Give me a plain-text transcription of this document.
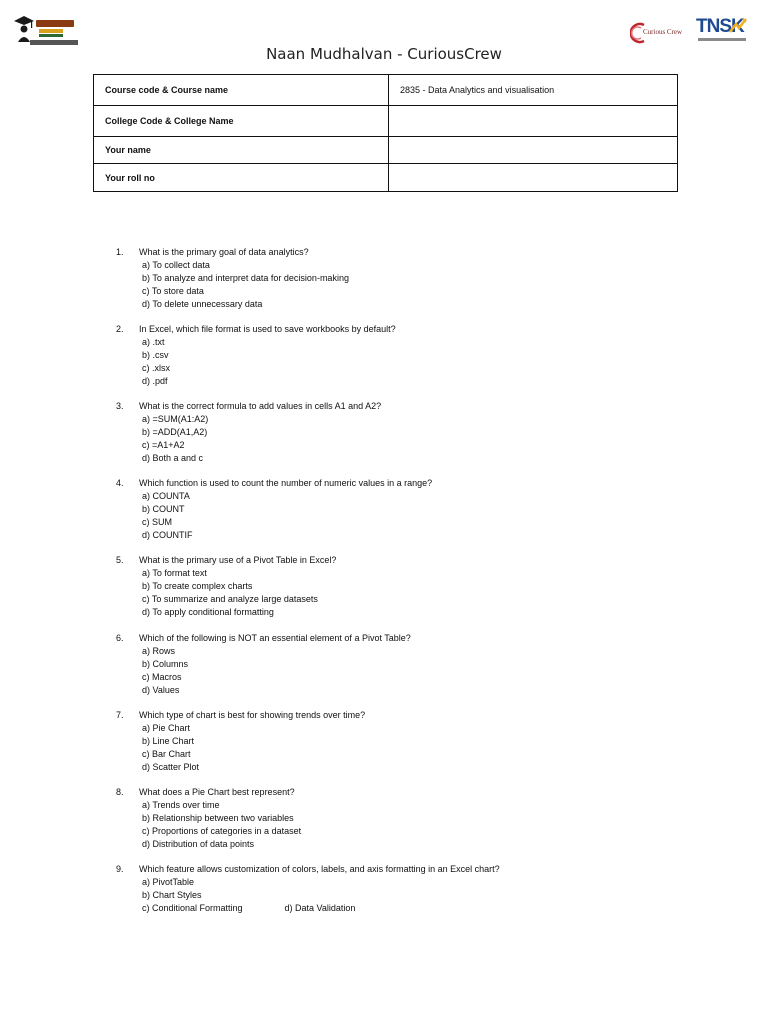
Curious Crew TNSK
Naan Mudhalvan - CuriousCrew
Course code & Course name	2835 - Data Analytics and visualisation
College Code & College Name	
Your name	
Your roll no	
1.	What is the primary goal of data analytics?
a) To collect data
b) To analyze and interpret data for decision-making
c) To store data
d) To delete unnecessary data
2.	In Excel, which file format is used to save workbooks by default?
a) .txt
b) .csv
c) .xlsx
d) .pdf
3.	What is the correct formula to add values in cells A1 and A2?
a) =SUM(A1:A2)
b) =ADD(A1,A2)
c) =A1+A2
d) Both a and c
4.	Which function is used to count the number of numeric values in a range?
a) COUNTA
b) COUNT
c) SUM
d) COUNTIF
5.	What is the primary use of a Pivot Table in Excel?
a) To format text
b) To create complex charts
c) To summarize and analyze large datasets
d) To apply conditional formatting
6.	Which of the following is NOT an essential element of a Pivot Table?
a) Rows
b) Columns
c) Macros
d) Values
7.	Which type of chart is best for showing trends over time?
a) Pie Chart
b) Line Chart
c) Bar Chart
d) Scatter Plot
8.	What does a Pie Chart best represent?
a) Trends over time
b) Relationship between two variables
c) Proportions of categories in a dataset
d) Distribution of data points
9.	Which feature allows customization of colors, labels, and axis formatting in an Excel chart?
a) PivotTable
b) Chart Styles
c) Conditional Formatting	d) Data Validation
